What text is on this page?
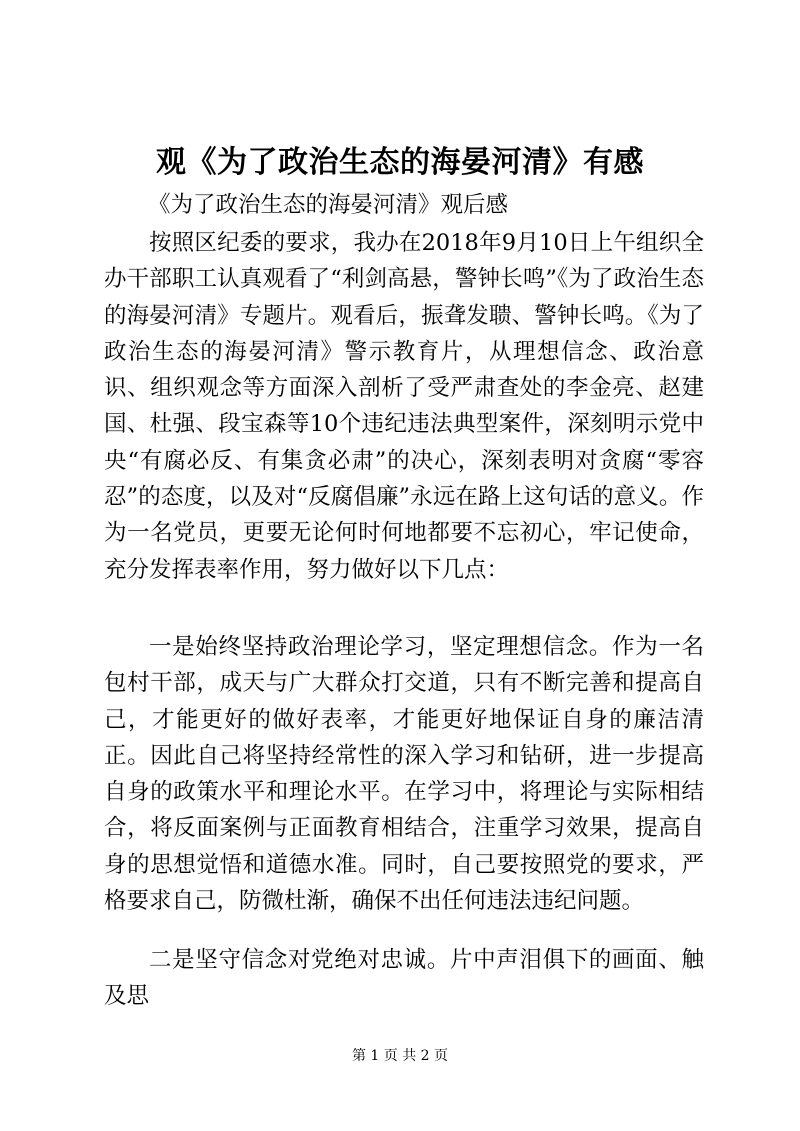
观《为了政治生态的海晏河清》有感
《为了政治生态的海晏河清》观后感

按照区纪委的要求，我办在2018年9月10日上午组织全办干部职工认真观看了“利剑高悬，警钟长鸣”《为了政治生态的海晏河清》专题片。观看后，振聋发聩、警钟长鸣。《为了政治生态的海晏河清》警示教育片，从理想信念、政治意识、组织观念等方面深入剖析了受严肃查处的李金亮、赵建国、杜强、段宝森等10个违纪违法典型案件，深刻明示党中央“有腐必反、有集贪必肃”的决心，深刻表明对贪腐“零容忍”的态度，以及对“反腐倡廉”永远在路上这句话的意义。作为一名党员，更要无论何时何地都要不忘初心，牢记使命，充分发挥表率作用，努力做好以下几点：

一是始终坚持政治理论学习，坚定理想信念。作为一名包村干部，成天与广大群众打交道，只有不断完善和提高自己，才能更好的做好表率，才能更好地保证自身的廉洁清正。因此自己将坚持经常性的深入学习和钻研，进一步提高自身的政策水平和理论水平。在学习中，将理论与实际相结合，将反面案例与正面教育相结合，注重学习效果，提高自身的思想觉悟和道德水准。同时，自己要按照党的要求，严格要求自己，防微杜渐，确保不出任何违法违纪问题。

二是坚守信念对党绝对忠诚。片中声泪俱下的画面、触及思

第 1 页 共 2 页
